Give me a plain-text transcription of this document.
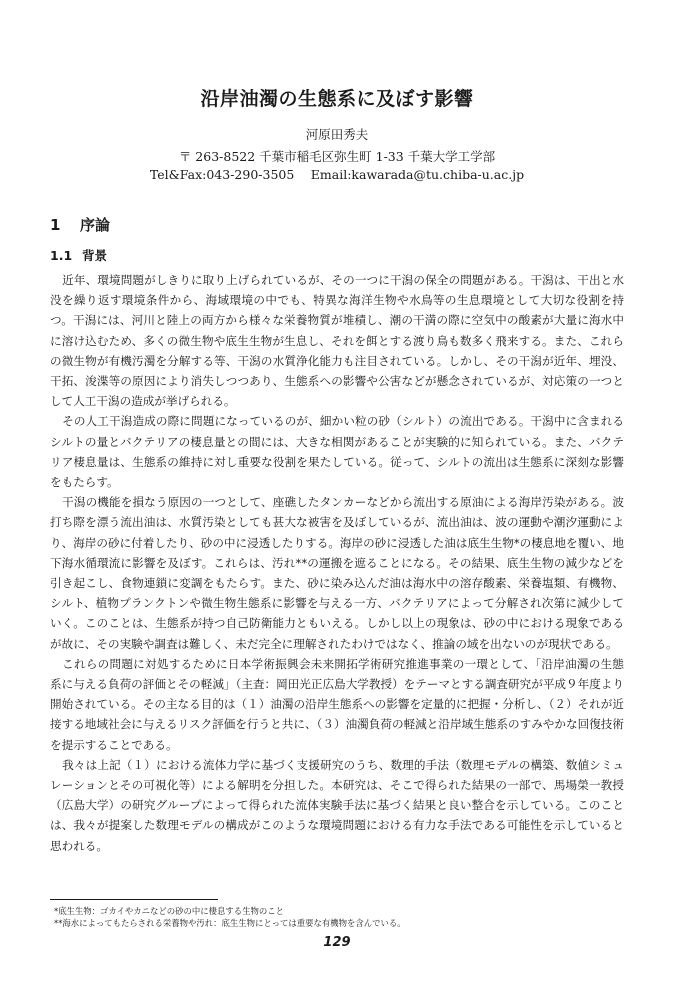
沿岸油濁の生態系に及ぼす影響
河原田秀夫
〒 263-8522 千葉市稲毛区弥生町 1-33 千葉大学工学部
Tel&Fax:043-290-3505　 Email:kawarada@tu.chiba-u.ac.jp
1 序論
1.1 背景

近年、環境問題がしきりに取り上げられているが、その一つに干潟の保全の問題がある。干潟は、干出と水没を繰り返す環境条件から、海域環境の中でも、特異な海洋生物や水鳥等の生息環境として大切な役割を持つ。干潟には、河川と陸上の両方から様々な栄養物質が堆積し、潮の干満の際に空気中の酸素が大量に海水中に溶け込むため、多くの微生物や底生生物が生息し、それを餌とする渡り鳥も数多く飛来する。また、これらの微生物が有機汚濁を分解する等、干潟の水質浄化能力も注目されている。しかし、その干潟が近年、埋没、干拓、浚渫等の原因により消失しつつあり、生態系への影響や公害などが懸念されているが、対応策の一つとして人工干潟の造成が挙げられる。

その人工干潟造成の際に問題になっているのが、細かい粒の砂（シルト）の流出である。干潟中に含まれるシルトの量とバクテリアの棲息量との間には、大きな相関があることが実験的に知られている。また、バクテリア棲息量は、生態系の維持に対し重要な役割を果たしている。従って、シルトの流出は生態系に深刻な影響をもたらす。

干潟の機能を損なう原因の一つとして、座礁したタンカーなどから流出する原油による海岸汚染がある。波打ち際を漂う流出油は、水質汚染としても甚大な被害を及ぼしているが、流出油は、波の運動や潮汐運動により、海岸の砂に付着したり、砂の中に浸透したりする。海岸の砂に浸透した油は底生生物*の棲息地を覆い、地下海水循環流に影響を及ぼす。これらは、汚れ**の運搬を遮ることになる。その結果、底生生物の減少などを引き起こし、食物連鎖に変調をもたらす。また、砂に染み込んだ油は海水中の溶存酸素、栄養塩類、有機物、シルト、植物プランクトンや微生物生態系に影響を与える一方、バクテリアによって分解され次第に減少していく。このことは、生態系が持つ自己防衛能力ともいえる。しかし以上の現象は、砂の中における現象であるが故に、その実験や調査は難しく、未だ完全に理解されたわけではなく、推論の域を出ないのが現状である。

これらの問題に対処するために日本学術振興会未来開拓学術研究推進事業の一環として、「沿岸油濁の生態系に与える負荷の評価とその軽減」（主査：岡田光正広島大学教授）をテーマとする調査研究が平成９年度より開始されている。その主なる目的は（１）油濁の沿岸生態系への影響を定量的に把握・分析し、（２）それが近接する地域社会に与えるリスク評価を行うと共に、（３）油濁負荷の軽減と沿岸域生態系のすみやかな回復技術を提示することである。

我々は上記（１）における流体力学に基づく支援研究のうち、数理的手法（数理モデルの構築、数値シミュレーションとその可視化等）による解明を分担した。本研究は、そこで得られた結果の一部で、馬場榮一教授（広島大学）の研究グループによって得られた流体実験手法に基づく結果と良い整合を示している。このことは、我々が提案した数理モデルの構成がこのような環境問題における有力な手法である可能性を示していると思われる。

*底生生物：ゴカイやカニなどの砂の中に棲息する生物のこと
**海水によってもたらされる栄養物や汚れ：底生生物にとっては重要な有機物を含んでいる。
129
